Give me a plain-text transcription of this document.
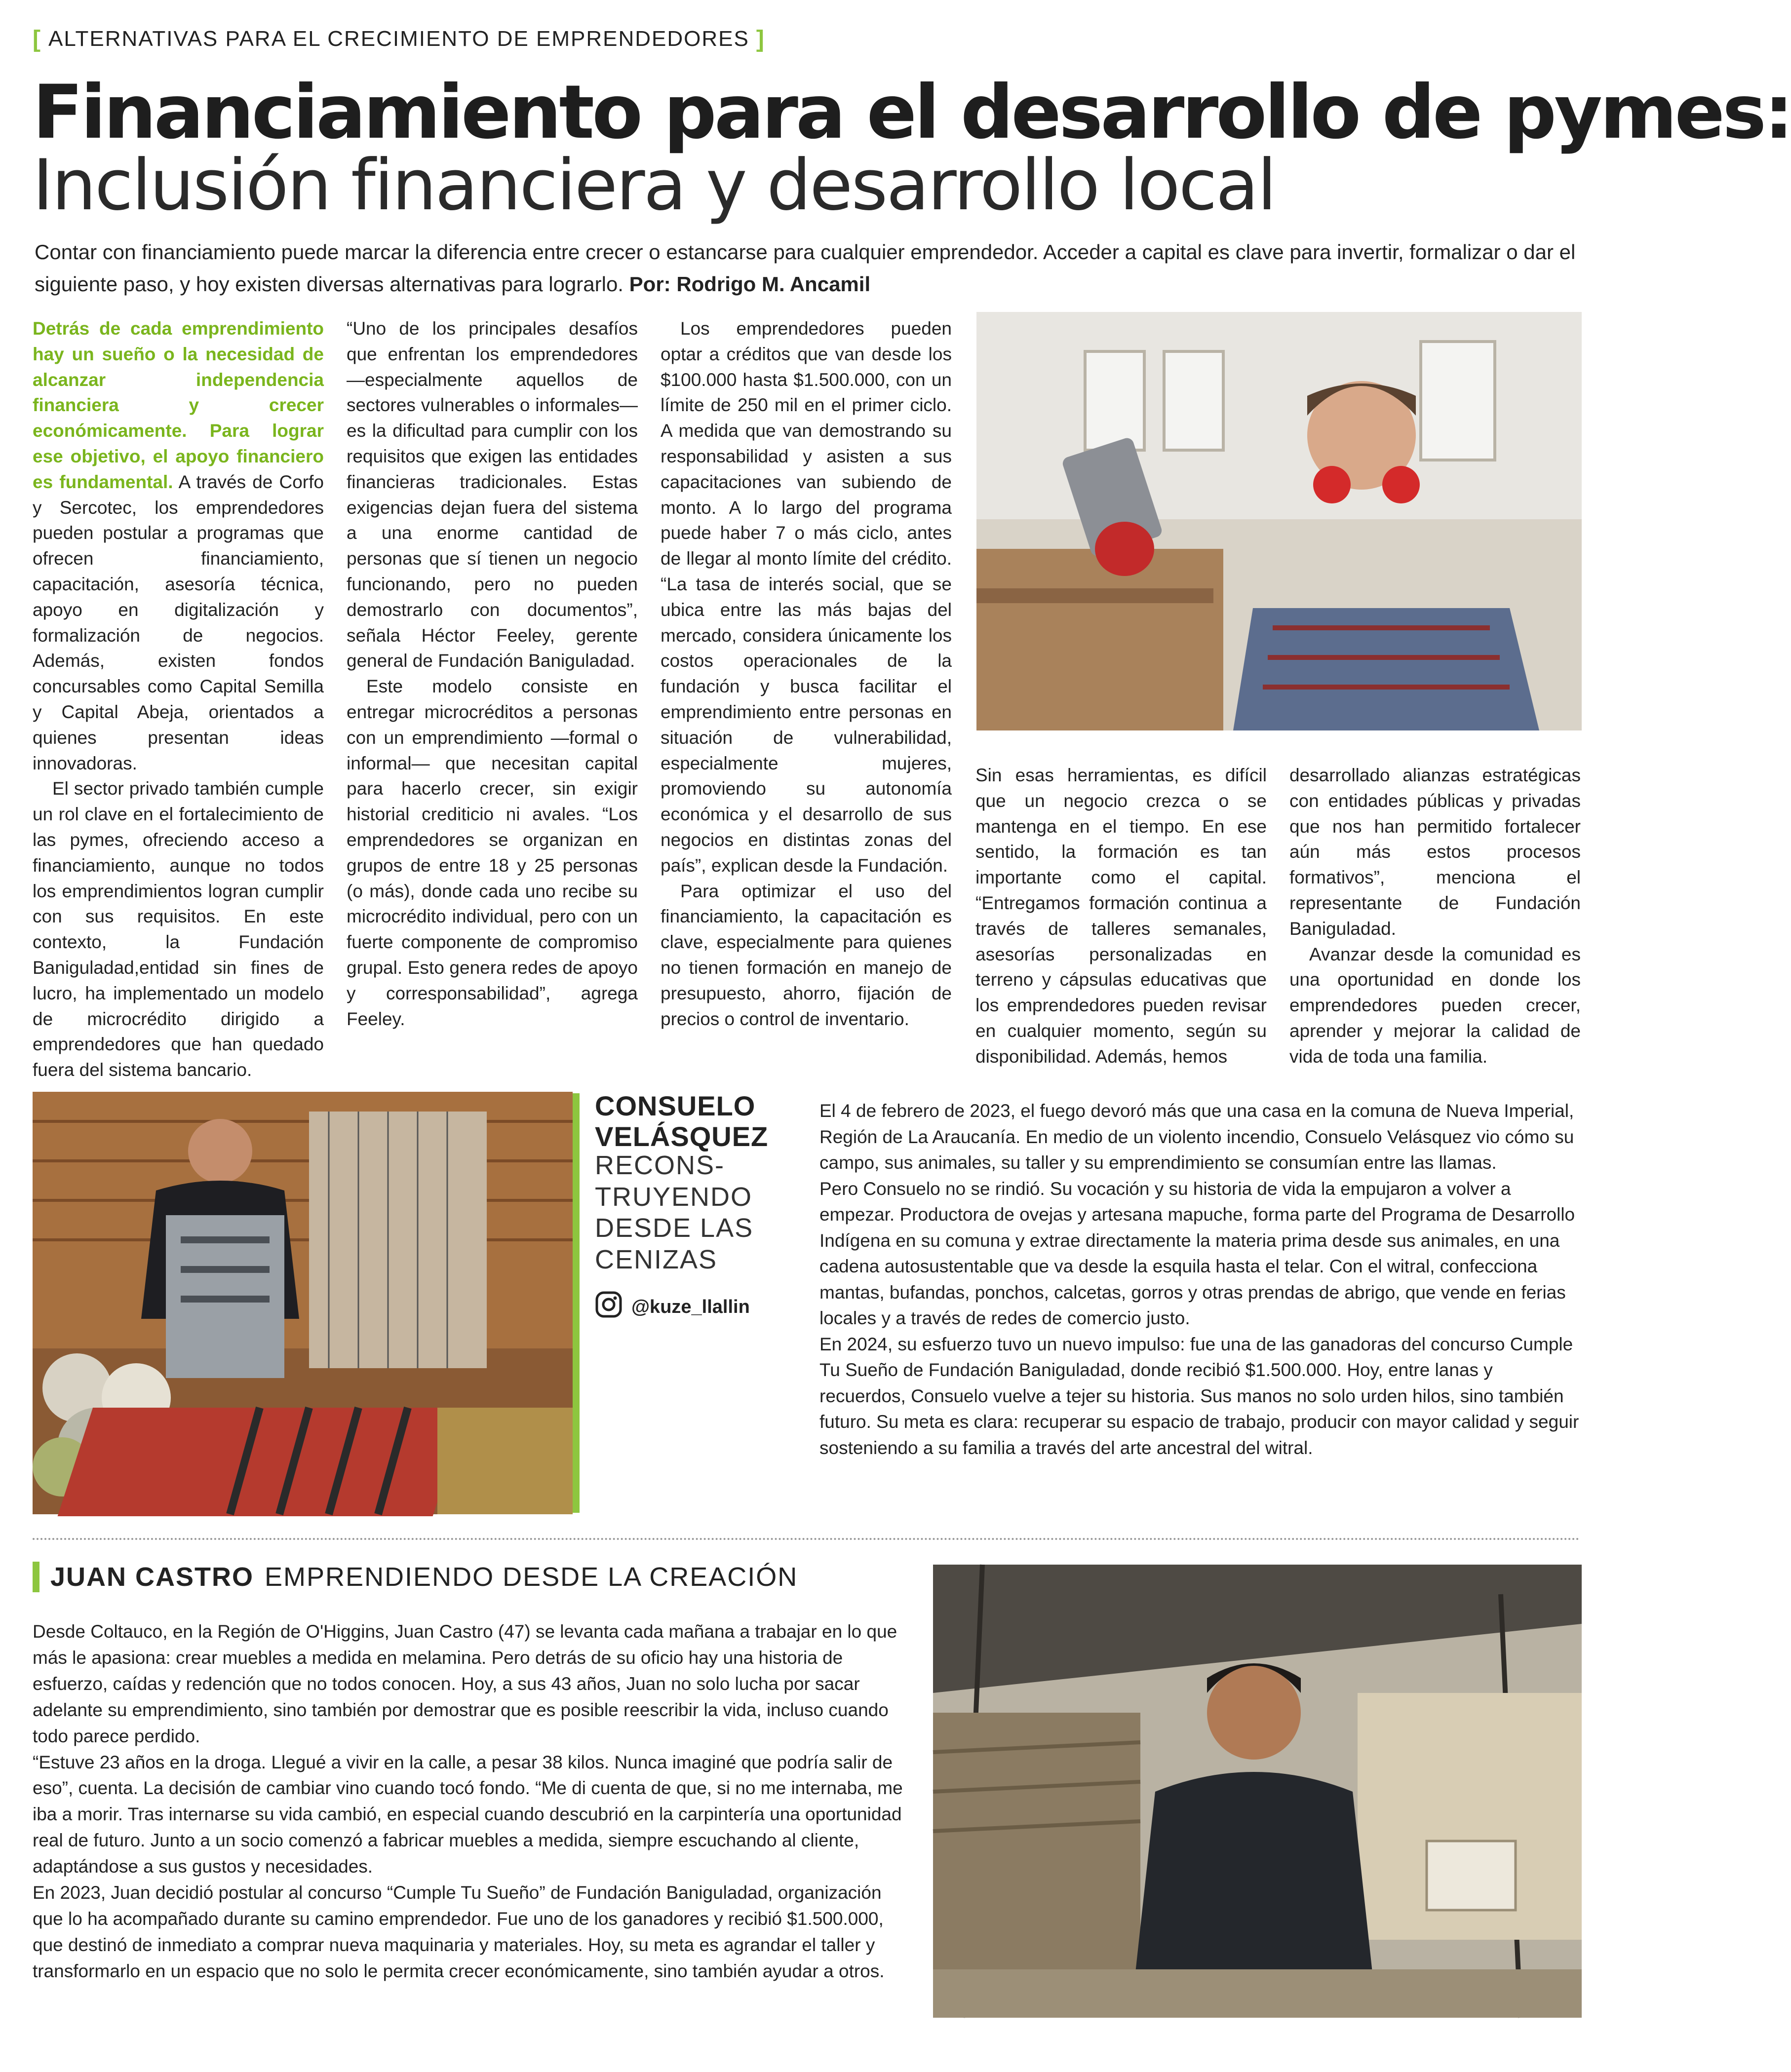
[ ALTERNATIVAS PARA EL CRECIMIENTO DE EMPRENDEDORES ]
Financiamiento para el desarrollo de pymes:
Inclusión financiera y desarrollo local
Contar con financiamiento puede marcar la diferencia entre crecer o estancarse para cualquier emprendedor. Acceder a capital es clave para invertir, formalizar o dar el siguiente paso, y hoy existen diversas alternativas para lograrlo. Por: Rodrigo M. Ancamil

Detrás de cada emprendimiento hay un sueño o la necesidad de alcanzar independencia financiera y crecer económicamente. Para lograr ese objetivo, el apoyo financiero es fundamental. A través de Corfo y Sercotec, los emprendedores pueden postular a programas que ofrecen financiamiento, capacitación, asesoría técnica, apoyo en digitalización y formalización de negocios. Además, existen fondos concursables como Capital Semilla y Capital Abeja, orientados a quienes presentan ideas innovadoras.

El sector privado también cumple un rol clave en el fortalecimiento de las pymes, ofreciendo acceso a financiamiento, aunque no todos los emprendimientos logran cumplir con sus requisitos. En este contexto, la Fundación Baniguladad,entidad sin fines de lucro, ha implementado un modelo de microcrédito dirigido a emprendedores que han quedado fuera del sistema bancario.

“Uno de los principales desafíos que enfrentan los emprendedores —especialmente aquellos de sectores vulnerables o informales— es la dificultad para cumplir con los requisitos que exigen las entidades financieras tradicionales. Estas exigencias dejan fuera del sistema a una enorme cantidad de personas que sí tienen un negocio funcionando, pero no pueden demostrarlo con documentos”, señala Héctor Feeley, gerente general de Fundación Baniguladad.

Este modelo consiste en entregar microcréditos a personas con un emprendimiento —formal o informal— que necesitan capital para hacerlo crecer, sin exigir historial crediticio ni avales. “Los emprendedores se organizan en grupos de entre 18 y 25 personas (o más), donde cada uno recibe su microcrédito individual, pero con un fuerte componente de compromiso grupal. Esto genera redes de apoyo y corresponsabilidad”, agrega Feeley.

Los emprendedores pueden optar a créditos que van desde los $100.000 hasta $1.500.000, con un límite de 250 mil en el primer ciclo. A medida que van demostrando su responsabilidad y asisten a sus capacitaciones van subiendo de monto. A lo largo del programa puede haber 7 o más ciclo, antes de llegar al monto límite del crédito. “La tasa de interés social, que se ubica entre las más bajas del mercado, considera únicamente los costos operacionales de la fundación y busca facilitar el emprendimiento entre personas en situación de vulnerabilidad, especialmente mujeres, promoviendo su autonomía económica y el desarrollo de sus negocios en distintas zonas del país”, explican desde la Fundación.

Para optimizar el uso del financiamiento, la capacitación es clave, especialmente para quienes no tienen formación en manejo de presupuesto, ahorro, fijación de precios o control de inventario.

Sin esas herramientas, es difícil que un negocio crezca o se mantenga en el tiempo. En ese sentido, la formación es tan importante como el capital. “Entregamos formación continua a través de talleres semanales, asesorías personalizadas en terreno y cápsulas educativas que los emprendedores pueden revisar en cualquier momento, según su disponibilidad. Además, hemos

desarrollado alianzas estratégicas con entidades públicas y privadas que nos han permitido fortalecer aún más estos procesos formativos”, menciona el representante de Fundación Baniguladad.

Avanzar desde la comunidad es una oportunidad en donde los emprendedores pueden crecer, aprender y mejorar la calidad de vida de toda una familia.

CONSUELO
VELÁSQUEZ
RECONS- TRUYENDO DESDE LAS CENIZAS
@kuze_llallin

El 4 de febrero de 2023, el fuego devoró más que una casa en la comuna de Nueva Imperial, Región de La Araucanía. En medio de un violento incendio, Consuelo Velásquez vio cómo su campo, sus animales, su taller y su emprendimiento se consumían entre las llamas.

Pero Consuelo no se rindió. Su vocación y su historia de vida la empujaron a volver a empezar. Productora de ovejas y artesana mapuche, forma parte del Programa de Desarrollo Indígena en su comuna y extrae directamente la materia prima desde sus animales, en una cadena autosustentable que va desde la esquila hasta el telar. Con el witral, confecciona mantas, bufandas, ponchos, calcetas, gorros y otras prendas de abrigo, que vende en ferias locales y a través de redes de comercio justo.

En 2024, su esfuerzo tuvo un nuevo impulso: fue una de las ganadoras del concurso Cumple Tu Sueño de Fundación Baniguladad, donde recibió $1.500.000. Hoy, entre lanas y recuerdos, Consuelo vuelve a tejer su historia. Sus manos no solo urden hilos, sino también futuro. Su meta es clara: recuperar su espacio de trabajo, producir con mayor calidad y seguir sosteniendo a su familia a través del arte ancestral del witral.

JUAN CASTRO EMPRENDIENDO DESDE LA CREACIÓN

Desde Coltauco, en la Región de O'Higgins, Juan Castro (47) se levanta cada mañana a trabajar en lo que más le apasiona: crear muebles a medida en melamina. Pero detrás de su oficio hay una historia de esfuerzo, caídas y redención que no todos conocen. Hoy, a sus 43 años, Juan no solo lucha por sacar adelante su emprendimiento, sino también por demostrar que es posible reescribir la vida, incluso cuando todo parece perdido.

“Estuve 23 años en la droga. Llegué a vivir en la calle, a pesar 38 kilos. Nunca imaginé que podría salir de eso”, cuenta. La decisión de cambiar vino cuando tocó fondo. “Me di cuenta de que, si no me internaba, me iba a morir. Tras internarse su vida cambió, en especial cuando descubrió en la carpintería una oportunidad real de futuro. Junto a un socio comenzó a fabricar muebles a medida, siempre escuchando al cliente, adaptándose a sus gustos y necesidades.

En 2023, Juan decidió postular al concurso “Cumple Tu Sueño” de Fundación Baniguladad, organización que lo ha acompañado durante su camino emprendedor. Fue uno de los ganadores y recibió $1.500.000, que destinó de inmediato a comprar nueva maquinaria y materiales. Hoy, su meta es agrandar el taller y transformarlo en un espacio que no solo le permita crecer económicamente, sino también ayudar a otros.
